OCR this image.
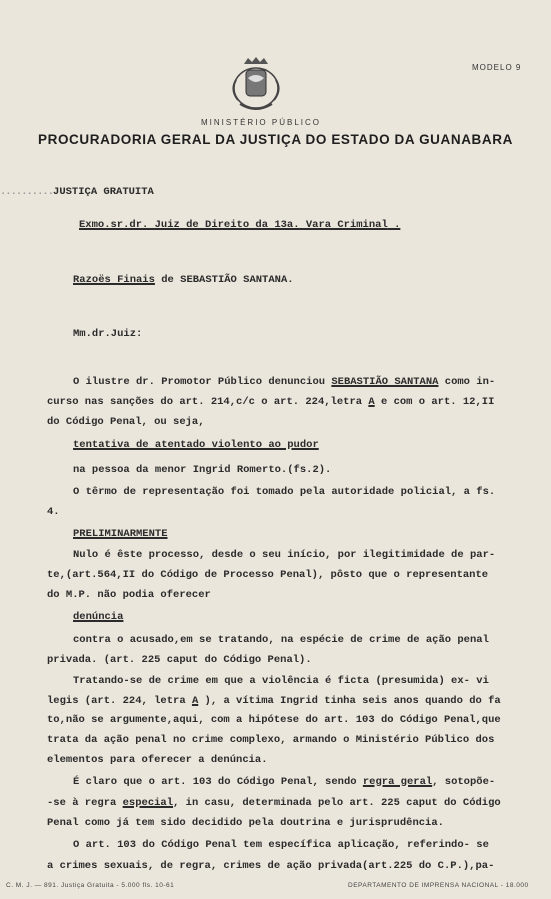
MINISTÉRIO PÚBLICO
MODELO 9
PROCURADORIA GERAL DA JUSTIÇA DO ESTADO DA GUANABARA
..........JUSTIÇA GRATUITA
Exmo.sr.dr. Juiz de Direito da 13a. Vara Criminal .
Razoës Finais de SEBASTIÃO SANTANA.
Mm.dr.Juiz:
O ilustre dr. Promotor Público denunciou SEBASTIÃO SANTANA como in-
curso nas sanções do art. 214,c/c o art. 224,letra A e com o art. 12,II
do Código Penal, ou seja,
tentativa de atentado violento ao pudor
na pessoa da menor Ingrid Romerto.(fs.2).
O têrmo de representação foi tomado pela autoridade policial, a fs.
4.
PRELIMINARMENTE
Nulo é êste processo, desde o seu início, por ilegitimidade de par-
te,(art.564,II do Código de Processo Penal), pôsto que o representante
do M.P. não podia oferecer
denúncia
contra o acusado,em se tratando, na espécie de crime de ação penal
privada. (art. 225 caput do Código Penal).
Tratando-se de crime em que a violência é ficta (presumida) ex- vi
legis (art. 224, letra A ), a vítima Ingrid tinha seis anos quando do fa
to,não se argumente,aqui, com a hipótese do art. 103 do Código Penal,que
trata da ação penal no crime complexo, armando o Ministério Público dos
elementos para oferecer a denúncia.
É claro que o art. 103 do Código Penal, sendo regra geral, sotopõe-
-se à regra especial, in casu, determinada pelo art. 225 caput do Código
Penal como já tem sido decidido pela doutrina e jurisprudência.
O art. 103 do Código Penal tem específica aplicação, referindo- se
a crimes sexuais, de regra, crimes de ação privada(art.225 do C.P.),pa-
C. M. J. — 891. Justiça Gratuita - 5.000 fls. 10-61	DEPARTAMENTO DE IMPRENSA NACIONAL - 18.000
